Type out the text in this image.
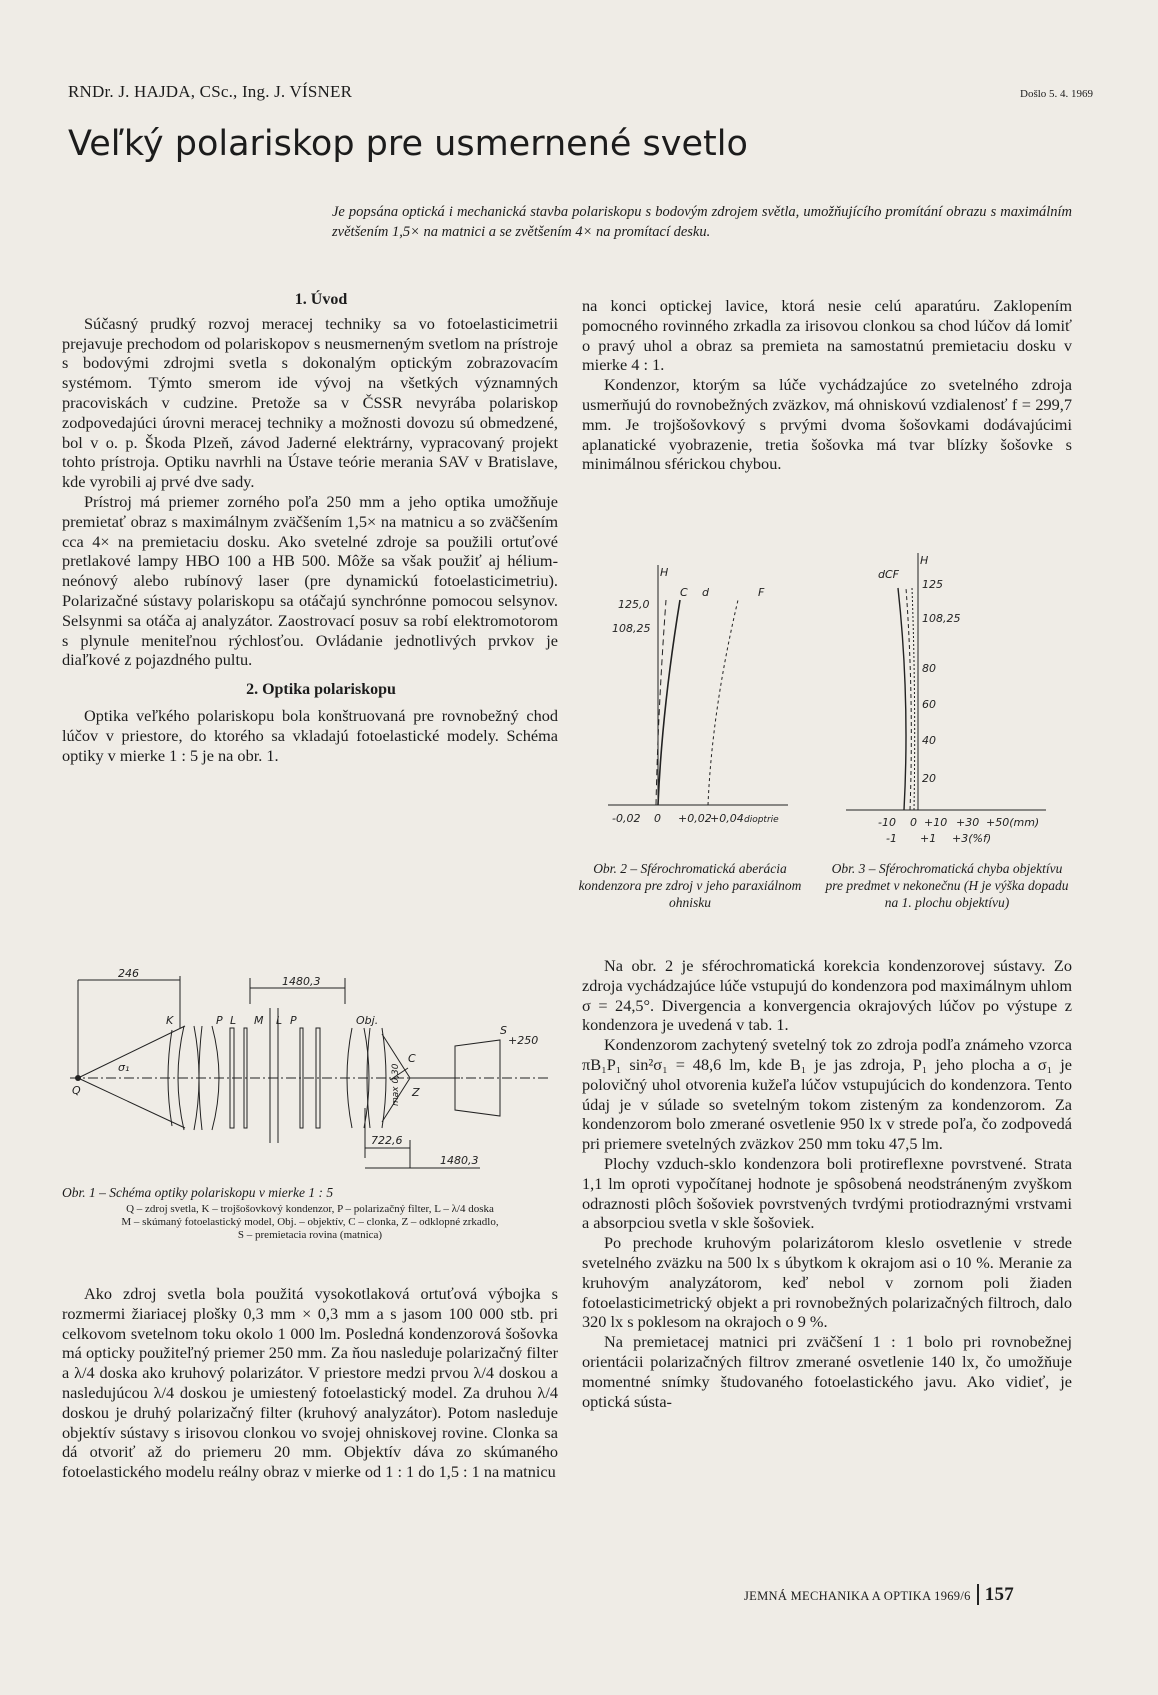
RNDr. J. HAJDA, CSc., Ing. J. VÍSNER	Došlo 5. 4. 1969
Veľký polariskop pre usmernené svetlo

Je popsána optická i mechanická stavba polariskopu s bodovým zdrojem světla, umožňujícího promítání obrazu s maximálním zvětšením 1,5× na matnici a se zvětšením 4× na promítací desku.

1. Úvod

Súčasný prudký rozvoj meracej techniky sa vo fotoelasticimetrii prejavuje prechodom od polariskopov s neusmerneným svetlom na prístroje s bodovými zdrojmi svetla s dokonalým optickým zobrazovacím systémom. Týmto smerom ide vývoj na všetkých významných pracoviskách v cudzine. Pretože sa v ČSSR nevyrába polariskop zodpovedajúci úrovni meracej techniky a možnosti dovozu sú obmedzené, bol v o. p. Škoda Plzeň, závod Jaderné elektrárny, vypracovaný projekt tohto prístroja. Optiku navrhli na Ústave teórie merania SAV v Bratislave, kde vyrobili aj prvé dve sady.

Prístroj má priemer zorného poľa 250 mm a jeho optika umožňuje premietať obraz s maximálnym zväčšením 1,5× na matnicu a so zväčšením cca 4× na premietaciu dosku. Ako svetelné zdroje sa použili ortuťové pretlakové lampy HBO 100 a HB 500. Môže sa však použiť aj hélium-neónový alebo rubínový laser (pre dynamickú fotoelasticimetriu). Polarizačné sústavy polariskopu sa otáčajú synchrónne pomocou selsynov. Selsynmi sa otáča aj analyzátor. Zaostrovací posuv sa robí elektromotorom s plynule meniteľnou rýchlosťou. Ovládanie jednotlivých prvkov je diaľkové z pojazdného pultu.

2. Optika polariskopu

Optika veľkého polariskopu bola konštruovaná pre rovnobežný chod lúčov v priestore, do ktorého sa vkladajú fotoelastické modely. Schéma optiky v mierke 1 : 5 je na obr. 1.

246
1480,3
K	P L M L P	Obj.
S
+250
Q
σ₁
C
Z
722,6
1480,3
max 0,30
Obr. 1 – Schéma optiky polariskopu v mierke 1 : 5
Q – zdroj svetla, K – trojšošovkový kondenzor, P – polarizačný filter, L – λ/4 doska
M – skúmaný fotoelastický model, Obj. – objektív, C – clonka, Z – odklopné zrkadlo,
S – premietacia rovina (matnica)

Ako zdroj svetla bola použitá vysokotlaková ortuťová výbojka s rozmermi žiariacej plošky 0,3 mm × 0,3 mm a s jasom 100 000 stb. pri celkovom svetelnom toku okolo 1 000 lm. Posledná kondenzorová šošovka má opticky použiteľný priemer 250 mm. Za ňou nasleduje polarizačný filter a λ/4 doska ako kruhový polarizátor. V priestore medzi prvou λ/4 doskou a nasledujúcou λ/4 doskou je umiestený fotoelastický model. Za druhou λ/4 doskou je druhý polarizačný filter (kruhový analyzátor). Potom nasleduje objektív sústavy s irisovou clonkou vo svojej ohniskovej rovine. Clonka sa dá otvoriť až do priemeru 20 mm. Objektív dáva zo skúmaného fotoelastického modelu reálny obraz v mierke od 1 : 1 do 1,5 : 1 na matnicu

na konci optickej lavice, ktorá nesie celú aparatúru. Zaklopením pomocného rovinného zrkadla za irisovou clonkou sa chod lúčov dá lomiť o pravý uhol a obraz sa premieta na samostatnú premietaciu dosku v mierke 4 : 1.

Kondenzor, ktorým sa lúče vychádzajúce zo svetelného zdroja usmerňujú do rovnobežných zväzkov, má ohniskovú vzdialenosť f = 299,7 mm. Je trojšošovkový s prvými dvoma šošovkami dodávajúcimi aplanatické vyobrazenie, tretia šošovka má tvar blízky šošovke s minimálnou sférickou chybou.

H
125,0
108,25
C d	F
-0,02 0 +0,02
+0,04 dioptrie
H
dCF
125
108,25
80
60
40
20
-10 0 +10 +30 +50(mm)
-1 +1 +3(%f)
Obr. 2 – Sférochromatická aberácia kondenzora pre zdroj v jeho paraxiálnom ohnisku
Obr. 3 – Sférochromatická chyba objektívu pre predmet v nekonečnu (H je výška dopadu na 1. plochu objektívu)

Na obr. 2 je sférochromatická korekcia kondenzorovej sústavy. Zo zdroja vychádzajúce lúče vstupujú do kondenzora pod maximálnym uhlom σ = 24,5°. Divergencia a konvergencia okrajových lúčov po výstupe z kondenzora je uvedená v tab. 1.

Kondenzorom zachytený svetelný tok zo zdroja podľa známeho vzorca πB₁P₁ sin²σ₁ = 48,6 lm, kde B₁ je jas zdroja, P₁ jeho plocha a σ₁ je polovičný uhol otvorenia kužeľa lúčov vstupujúcich do kondenzora. Tento údaj je v súlade so svetelným tokom zisteným za kondenzorom. Za kondenzorom bolo zmerané osvetlenie 950 lx v strede poľa, čo zodpovedá pri priemere svetelných zväzkov 250 mm toku 47,5 lm.

Plochy vzduch-sklo kondenzora boli protireflexne povrstvené. Strata 1,1 lm oproti vypočítanej hodnote je spôsobená neodstráneným zvyškom odraznosti plôch šošoviek povrstvených tvrdými protiodraznými vrstvami a absorpciou svetla v skle šošoviek.

Po prechode kruhovým polarizátorom kleslo osvetlenie v strede svetelného zväzku na 500 lx s úbytkom k okrajom asi o 10 %. Meranie za kruhovým analyzátorom, keď nebol v zornom poli žiaden fotoelasticimetrický objekt a pri rovnobežných polarizačných filtroch, dalo 320 lx s poklesom na okrajoch o 9 %.

Na premietacej matnici pri zväčšení 1 : 1 bolo pri rovnobežnej orientácii polarizačných filtrov zmerané osvetlenie 140 lx, čo umožňuje momentné snímky študovaného fotoelastického javu. Ako vidieť, je optická sústa-

JEMNÁ MECHANIKA A OPTIKA 1969/6 157
